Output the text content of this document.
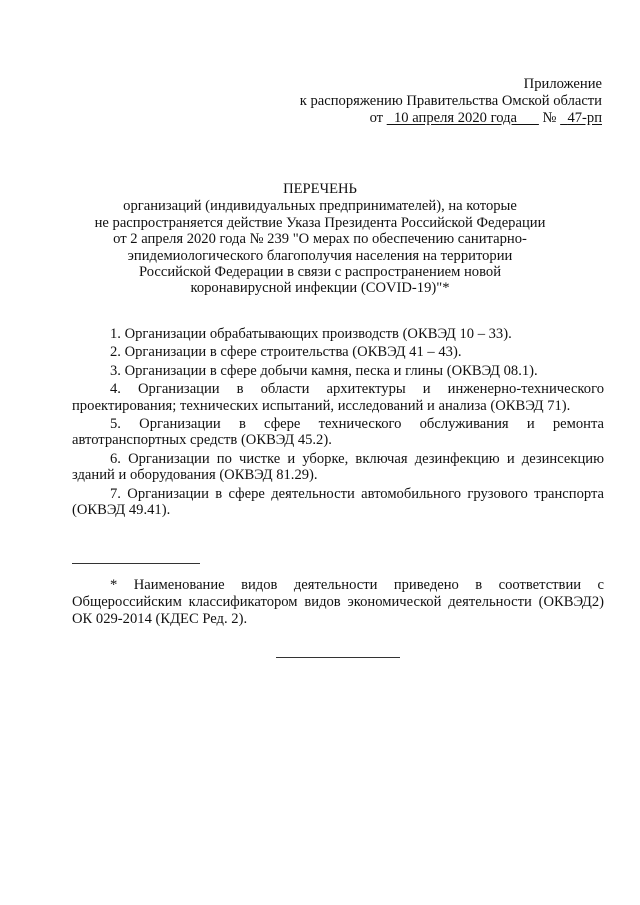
Приложение
к распоряжению Правительства Омской области
от 10 апреля 2020 года № 47-рп
ПЕРЕЧЕНЬ
организаций (индивидуальных предпринимателей), на которые
не распространяется действие Указа Президента Российской Федерации
от 2 апреля 2020 года № 239 "О мерах по обеспечению санитарно-
эпидемиологического благополучия населения на территории
Российской Федерации в связи с распространением новой
коронавирусной инфекции (COVID-19)"*

1. Организации обрабатывающих производств (ОКВЭД 10 – 33).

2. Организации в сфере строительства (ОКВЭД 41 – 43).

3. Организации в сфере добычи камня, песка и глины (ОКВЭД 08.1).

4. Организации в области архитектуры и инженерно-технического проектирования; технических испытаний, исследований и анализа (ОКВЭД 71).

5. Организации в сфере технического обслуживания и ремонта автотранспортных средств (ОКВЭД 45.2).

6. Организации по чистке и уборке, включая дезинфекцию и дезинсекцию зданий и оборудования (ОКВЭД 81.29).

7. Организации в сфере деятельности автомобильного грузового транспорта (ОКВЭД 49.41).

* Наименование видов деятельности приведено в соответствии с Общероссийским классификатором видов экономической деятельности (ОКВЭД2) ОК 029-2014 (КДЕС Ред. 2).
